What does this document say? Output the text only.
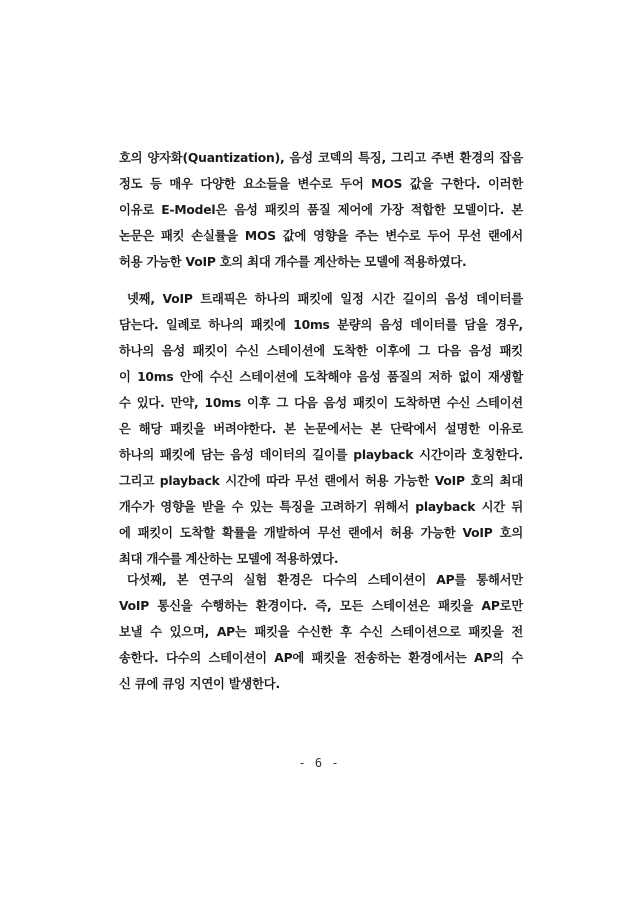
호의 양자화(Quantization), 음성 코덱의 특징, 그리고 주변 환경의 잡음
정도 등 매우 다양한 요소들을 변수로 두어 MOS 값을 구한다. 이러한
이유로 E-Model은 음성 패킷의 품질 제어에 가장 적합한 모델이다. 본
논문은 패킷 손실률을 MOS 값에 영향을 주는 변수로 두어 무선 랜에서
허용 가능한 VoIP 호의 최대 개수를 계산하는 모델에 적용하였다.
넷째, VoIP 트래픽은 하나의 패킷에 일정 시간 길이의 음성 데이터를
담는다. 일례로 하나의 패킷에 10ms 분량의 음성 데이터를 담을 경우,
하나의 음성 패킷이 수신 스테이션에 도착한 이후에 그 다음 음성 패킷
이 10ms 안에 수신 스테이션에 도착해야 음성 품질의 저하 없이 재생할
수 있다. 만약, 10ms 이후 그 다음 음성 패킷이 도착하면 수신 스테이션
은 해당 패킷을 버려야한다. 본 논문에서는 본 단락에서 설명한 이유로
하나의 패킷에 담는 음성 데이터의 길이를 playback 시간이라 호칭한다.
그리고 playback 시간에 따라 무선 랜에서 허용 가능한 VoIP 호의 최대
개수가 영향을 받을 수 있는 특징을 고려하기 위해서 playback 시간 뒤
에 패킷이 도착할 확률을 개발하여 무선 랜에서 허용 가능한 VoIP 호의
최대 개수를 계산하는 모델에 적용하였다.
다섯째, 본 연구의 실험 환경은 다수의 스테이션이 AP를 통해서만
VoIP 통신을 수행하는 환경이다. 즉, 모든 스테이션은 패킷을 AP로만
보낼 수 있으며, AP는 패킷을 수신한 후 수신 스테이션으로 패킷을 전
송한다. 다수의 스테이션이 AP에 패킷을 전송하는 환경에서는 AP의 수
신 큐에 큐잉 지연이 발생한다.
- 6 -
